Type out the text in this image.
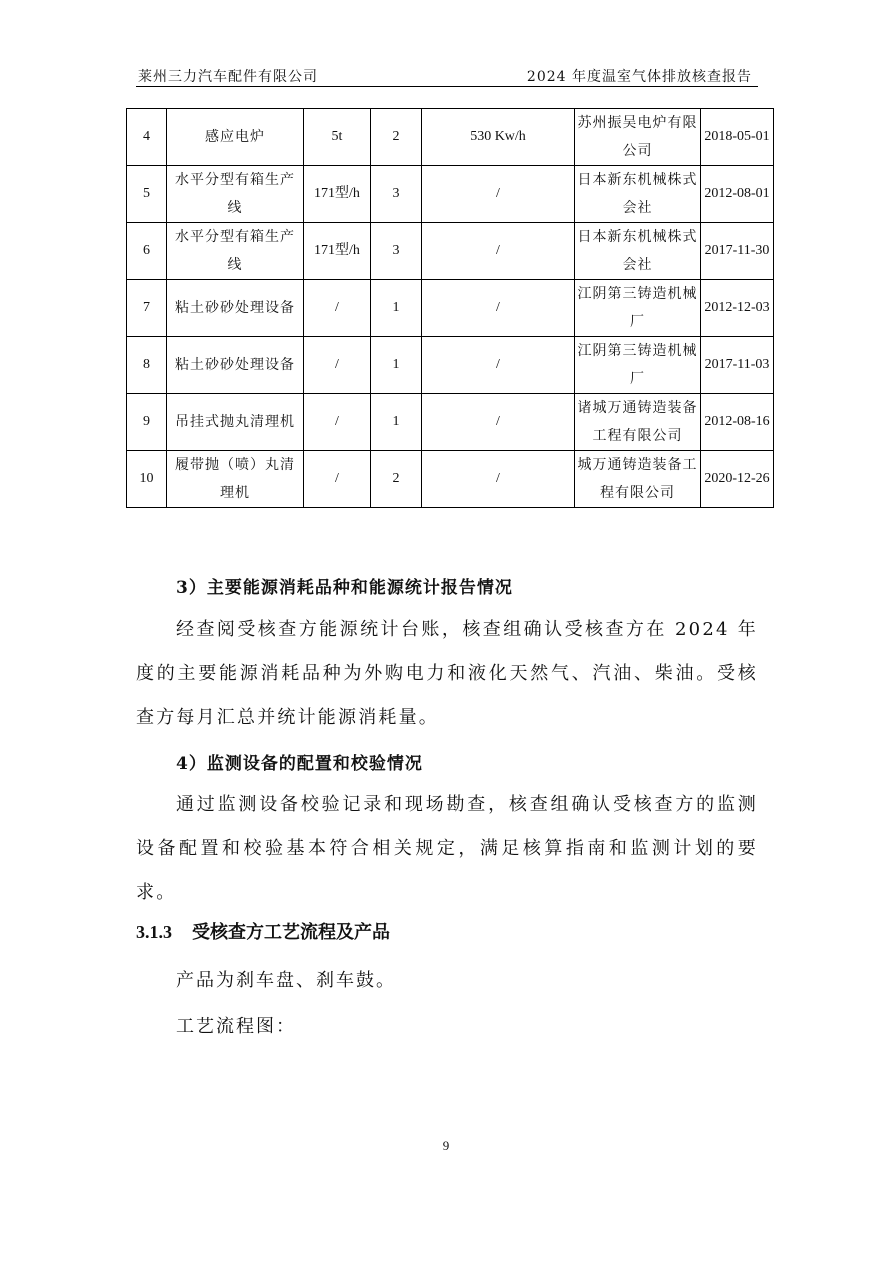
莱州三力汽车配件有限公司	2024 年度温室气体排放核查报告
4	感应电炉	5t	2	530 Kw/h	苏州振吴电炉有限公司	2018-05-01
5	水平分型有箱生产线	171型/h	3	/	日本新东机械株式会社	2012-08-01
6	水平分型有箱生产线	171型/h	3	/	日本新东机械株式会社	2017-11-30
7	粘土砂砂处理设备	/	1	/	江阴第三铸造机械厂	2012-12-03
8	粘土砂砂处理设备	/	1	/	江阴第三铸造机械厂	2017-11-03
9	吊挂式抛丸清理机	/	1	/	诸城万通铸造装备工程有限公司	2012-08-16
10	履带抛（喷）丸清理机	/	2	/	城万通铸造装备工程有限公司	2020-12-26
3）主要能源消耗品种和能源统计报告情况
经查阅受核查方能源统计台账，核查组确认受核查方在 2024 年度的主要能源消耗品种为外购电力和液化天然气、汽油、柴油。受核查方每月汇总并统计能源消耗量。
4）监测设备的配置和校验情况
通过监测设备校验记录和现场勘查，核查组确认受核查方的监测设备配置和校验基本符合相关规定，满足核算指南和监测计划的要求。
3.1.3 受核查方工艺流程及产品
产品为刹车盘、刹车鼓。
工艺流程图：
9
